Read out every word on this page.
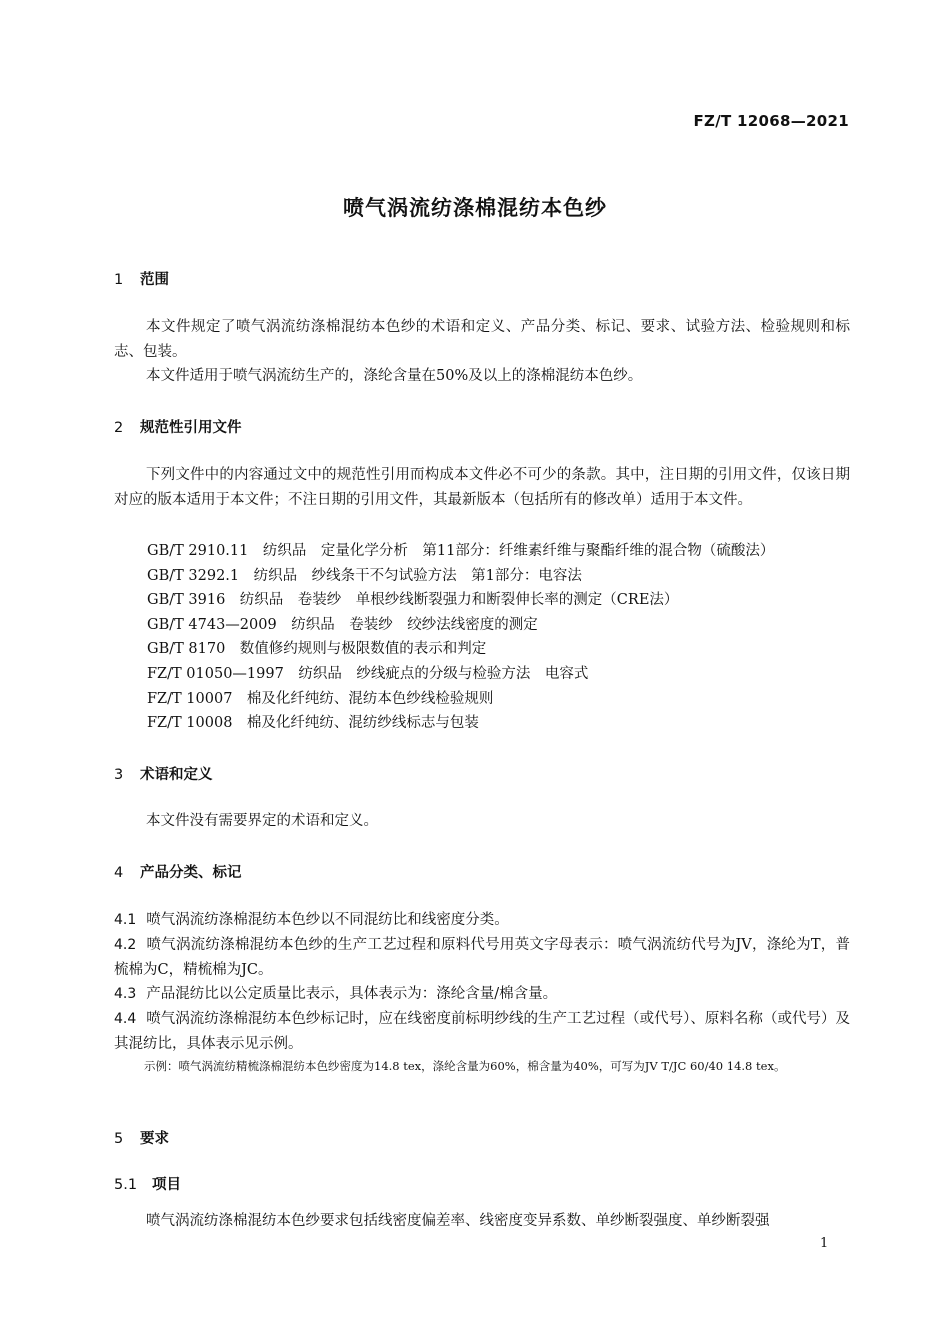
FZ/T 12068—2021
喷气涡流纺涤棉混纺本色纱
1 范围
本文件规定了喷气涡流纺涤棉混纺本色纱的术语和定义、产品分类、标记、要求、试验方法、检验规则和标志、包装。
本文件适用于喷气涡流纺生产的，涤纶含量在50%及以上的涤棉混纺本色纱。
2 规范性引用文件
下列文件中的内容通过文中的规范性引用而构成本文件必不可少的条款。其中，注日期的引用文件，仅该日期对应的版本适用于本文件；不注日期的引用文件，其最新版本（包括所有的修改单）适用于本文件。
GB/T 2910.11　纺织品　定量化学分析　第11部分：纤维素纤维与聚酯纤维的混合物（硫酸法）
GB/T 3292.1　纺织品　纱线条干不匀试验方法　第1部分：电容法
GB/T 3916　纺织品　卷装纱　单根纱线断裂强力和断裂伸长率的测定（CRE法）
GB/T 4743—2009　纺织品　卷装纱　绞纱法线密度的测定
GB/T 8170　数值修约规则与极限数值的表示和判定
FZ/T 01050—1997　纺织品　纱线疵点的分级与检验方法　电容式
FZ/T 10007　棉及化纤纯纺、混纺本色纱线检验规则
FZ/T 10008　棉及化纤纯纺、混纺纱线标志与包装
3 术语和定义
本文件没有需要界定的术语和定义。
4 产品分类、标记
4.1 喷气涡流纺涤棉混纺本色纱以不同混纺比和线密度分类。
4.2 喷气涡流纺涤棉混纺本色纱的生产工艺过程和原料代号用英文字母表示：喷气涡流纺代号为JV，涤纶为T，普梳棉为C，精梳棉为JC。
4.3 产品混纺比以公定质量比表示，具体表示为：涤纶含量/棉含量。
4.4 喷气涡流纺涤棉混纺本色纱标记时，应在线密度前标明纱线的生产工艺过程（或代号）、原料名称（或代号）及其混纺比，具体表示见示例。
示例：喷气涡流纺精梳涤棉混纺本色纱密度为14.8 tex，涤纶含量为60%，棉含量为40%，可写为JV T/JC 60/40 14.8 tex。
5 要求
5.1 项目
喷气涡流纺涤棉混纺本色纱要求包括线密度偏差率、线密度变异系数、单纱断裂强度、单纱断裂强
1
